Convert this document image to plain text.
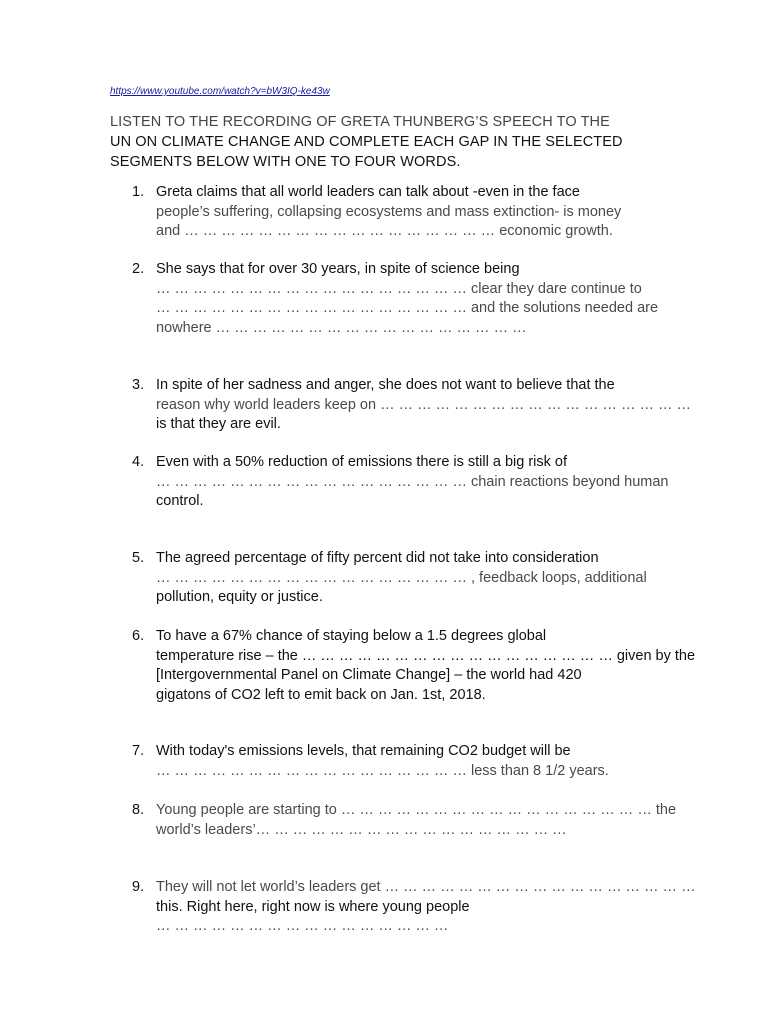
https://www.youtube.com/watch?v=bW3IQ-ke43w
LISTEN TO THE RECORDING OF GRETA THUNBERG’S SPEECH TO THE
UN ON CLIMATE CHANGE AND COMPLETE EACH GAP IN THE SELECTED
SEGMENTS BELOW WITH ONE TO FOUR WORDS.
1. Greta claims that all world leaders can talk about -even in the face
people’s suffering, collapsing ecosystems and mass extinction- is money
and … … … … … … … … … … … … … … … … … economic growth.
2. She says that for over 30 years, in spite of science being
… … … … … … … … … … … … … … … … … clear they dare continue to
… … … … … … … … … … … … … … … … … and the solutions needed are
nowhere … … … … … … … … … … … … … … … … …
3. In spite of her sadness and anger, she does not want to believe that the
reason why world leaders keep on … … … … … … … … … … … … … … … … …
is that they are evil.
4. Even with a 50% reduction of emissions there is still a big risk of
… … … … … … … … … … … … … … … … … chain reactions beyond human
control.
5. The agreed percentage of fifty percent did not take into consideration
… … … … … … … … … … … … … … … … … , feedback loops, additional
pollution, equity or justice.
6. To have a 67% chance of staying below a 1.5 degrees global
temperature rise – the … … … … … … … … … … … … … … … … … given by the
[Intergovernmental Panel on Climate Change] – the world had 420
gigatons of CO2 left to emit back on Jan. 1st, 2018.
7. With today's emissions levels, that remaining CO2 budget will be
… … … … … … … … … … … … … … … … … less than 8 1/2 years.
8. Young people are starting to … … … … … … … … … … … … … … … … … the
world’s leaders’… … … … … … … … … … … … … … … … …
9. They will not let world’s leaders get … … … … … … … … … … … … … … … … …
this. Right here, right now is where young people
… … … … … … … … … … … … … … … …
